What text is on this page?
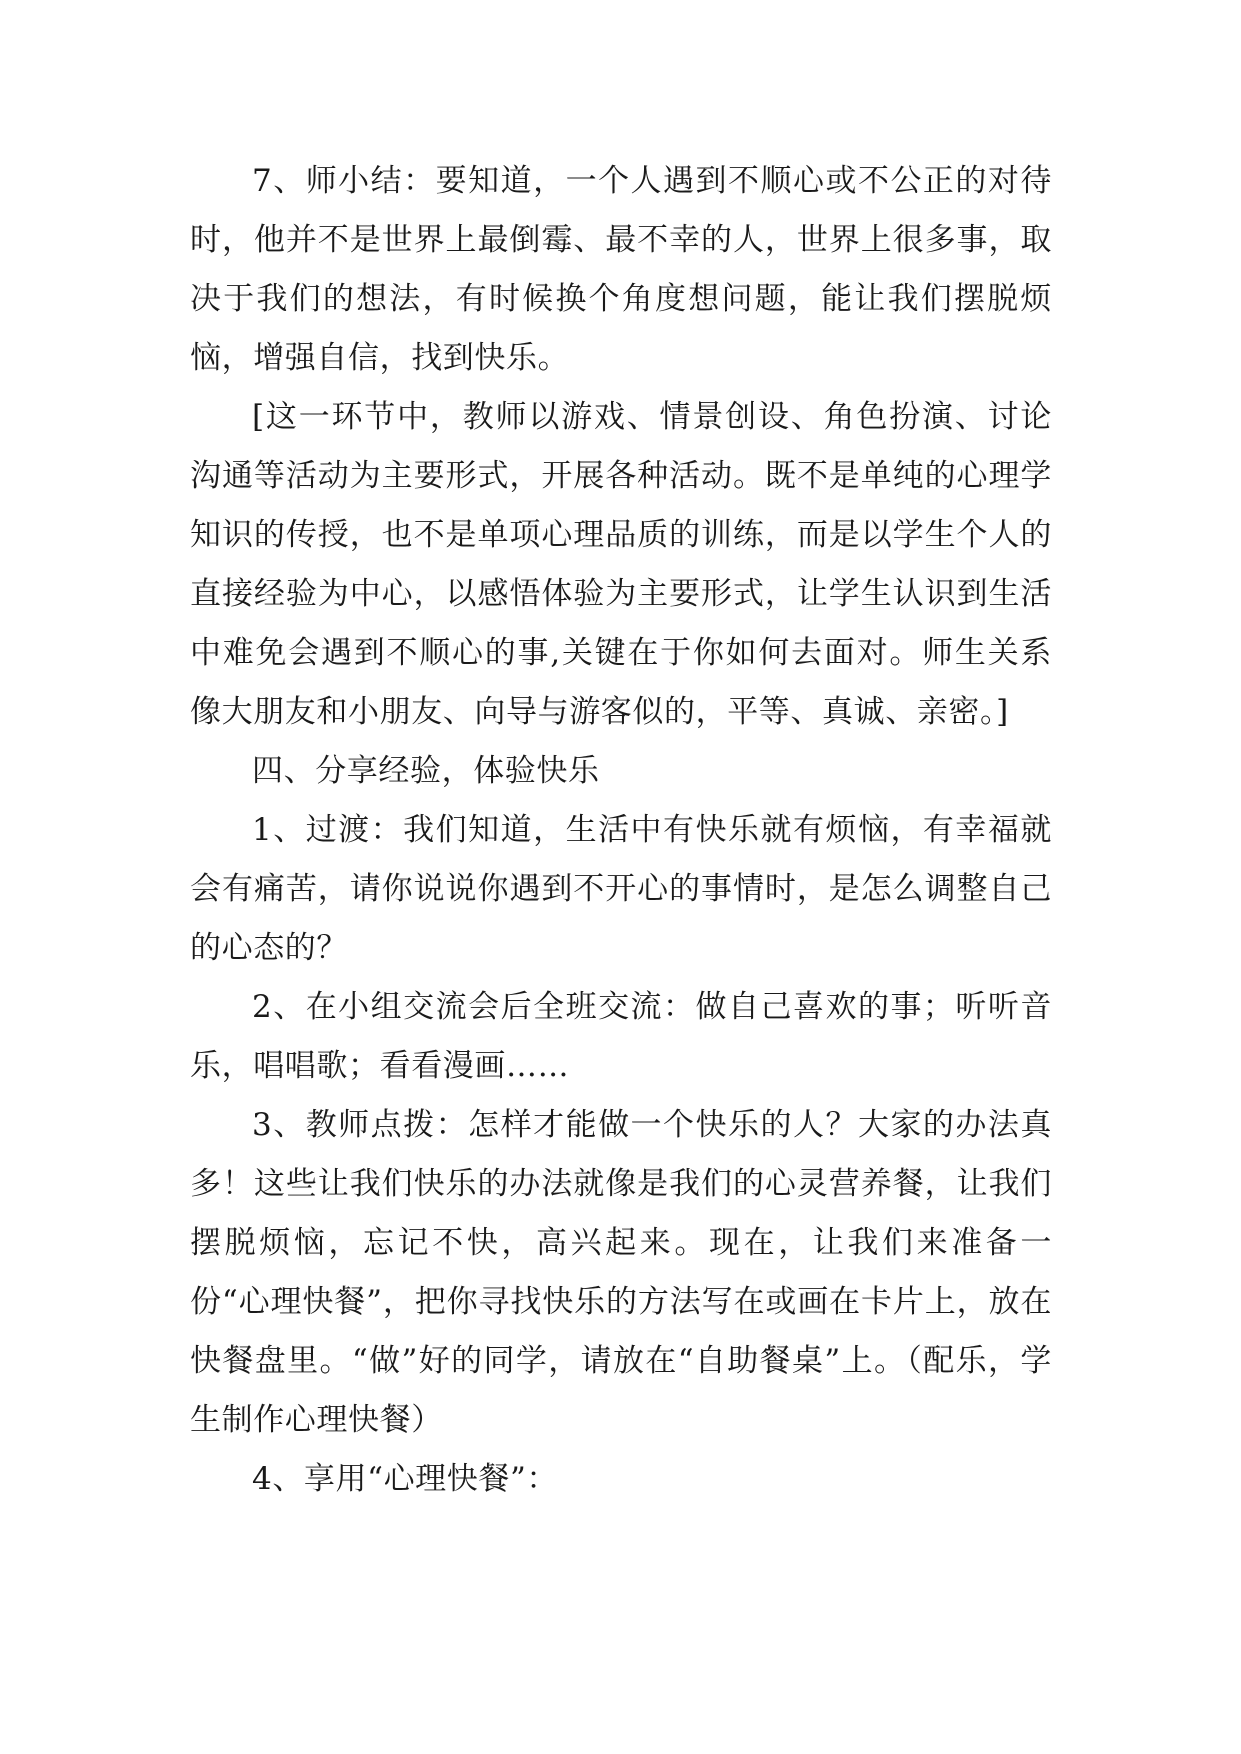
7、师小结：要知道，一个人遇到不顺心或不公正的对待时，他并不是世界上最倒霉、最不幸的人，世界上很多事，取决于我们的想法，有时候换个角度想问题，能让我们摆脱烦恼，增强自信，找到快乐。

[这一环节中，教师以游戏、情景创设、角色扮演、讨论沟通等活动为主要形式，开展各种活动。既不是单纯的心理学知识的传授，也不是单项心理品质的训练，而是以学生个人的直接经验为中心，以感悟体验为主要形式，让学生认识到生活中难免会遇到不顺心的事,关键在于你如何去面对。师生关系像大朋友和小朋友、向导与游客似的，平等、真诚、亲密。]

四、分享经验，体验快乐

1、过渡：我们知道，生活中有快乐就有烦恼，有幸福就会有痛苦，请你说说你遇到不开心的事情时，是怎么调整自己的心态的？

2、在小组交流会后全班交流：做自己喜欢的事；听听音乐，唱唱歌；看看漫画……

3、教师点拨：怎样才能做一个快乐的人？大家的办法真多！这些让我们快乐的办法就像是我们的心灵营养餐，让我们摆脱烦恼，忘记不快，高兴起来。现在，让我们来准备一份“心理快餐”，把你寻找快乐的方法写在或画在卡片上，放在快餐盘里。“做”好的同学，请放在“自助餐桌”上。（配乐，学生制作心理快餐）

4、享用“心理快餐”：
